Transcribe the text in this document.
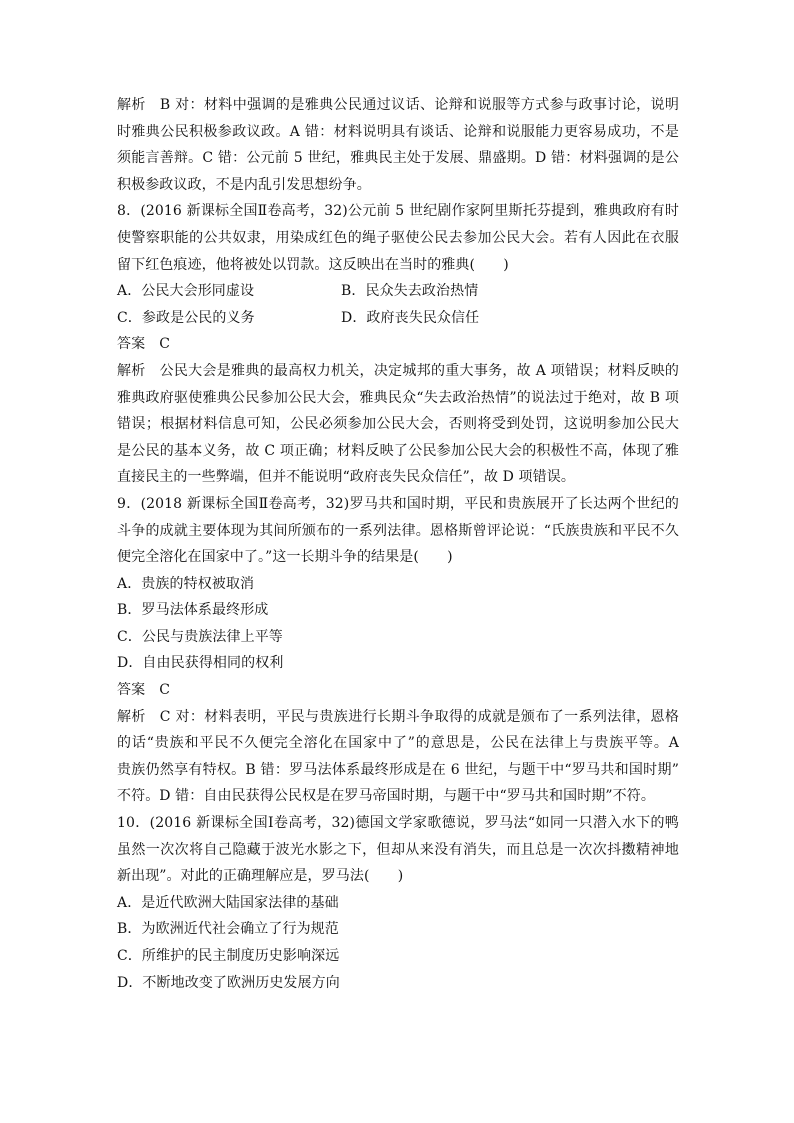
解析 B 对：材料中强调的是雅典公民通过议话、论辩和说服等方式参与政事讨论，说明
时雅典公民积极参政议政。A 错：材料说明具有谈话、论辩和说服能力更容易成功，不是
须能言善辩。C 错：公元前 5 世纪，雅典民主处于发展、鼎盛期。D 错：材料强调的是公
积极参政议政，不是内乱引发思想纷争。
8．(2016 新课标全国Ⅱ卷高考，32)公元前 5 世纪剧作家阿里斯托芬提到，雅典政府有时
使警察职能的公共奴隶，用染成红色的绳子驱使公民去参加公民大会。若有人因此在衣服
留下红色痕迹，他将被处以罚款。这反映出在当时的雅典(　　)
A．公民大会形同虚设	B．民众失去政治热情
C．参政是公民的义务	D．政府丧失民众信任
答案 C
解析 公民大会是雅典的最高权力机关，决定城邦的重大事务，故 A 项错误；材料反映的
雅典政府驱使雅典公民参加公民大会，雅典民众“失去政治热情”的说法过于绝对，故 B 项
错误；根据材料信息可知，公民必须参加公民大会，否则将受到处罚，这说明参加公民大
是公民的基本义务，故 C 项正确；材料反映了公民参加公民大会的积极性不高，体现了雅
直接民主的一些弊端，但并不能说明“政府丧失民众信任”，故 D 项错误。
9．(2018 新课标全国Ⅱ卷高考，32)罗马共和国时期，平民和贵族展开了长达两个世纪的
斗争的成就主要体现为其间所颁布的一系列法律。恩格斯曾评论说：“氏族贵族和平民不久
便完全溶化在国家中了。”这一长期斗争的结果是(　　)
A．贵族的特权被取消
B．罗马法体系最终形成
C．公民与贵族法律上平等
D．自由民获得相同的权利
答案 C
解析 C 对：材料表明，平民与贵族进行长期斗争取得的成就是颁布了一系列法律，恩格
的话“贵族和平民不久便完全溶化在国家中了”的意思是，公民在法律上与贵族平等。A
贵族仍然享有特权。B 错：罗马法体系最终形成是在 6 世纪，与题干中“罗马共和国时期”
不符。D 错：自由民获得公民权是在罗马帝国时期，与题干中“罗马共和国时期”不符。
10．(2016 新课标全国Ⅰ卷高考，32)德国文学家歌德说，罗马法“如同一只潜入水下的鸭
虽然一次次将自己隐藏于波光水影之下，但却从来没有消失，而且总是一次次抖擞精神地
新出现”。对此的正确理解应是，罗马法(　　)
A．是近代欧洲大陆国家法律的基础
B．为欧洲近代社会确立了行为规范
C．所维护的民主制度历史影响深远
D．不断地改变了欧洲历史发展方向
